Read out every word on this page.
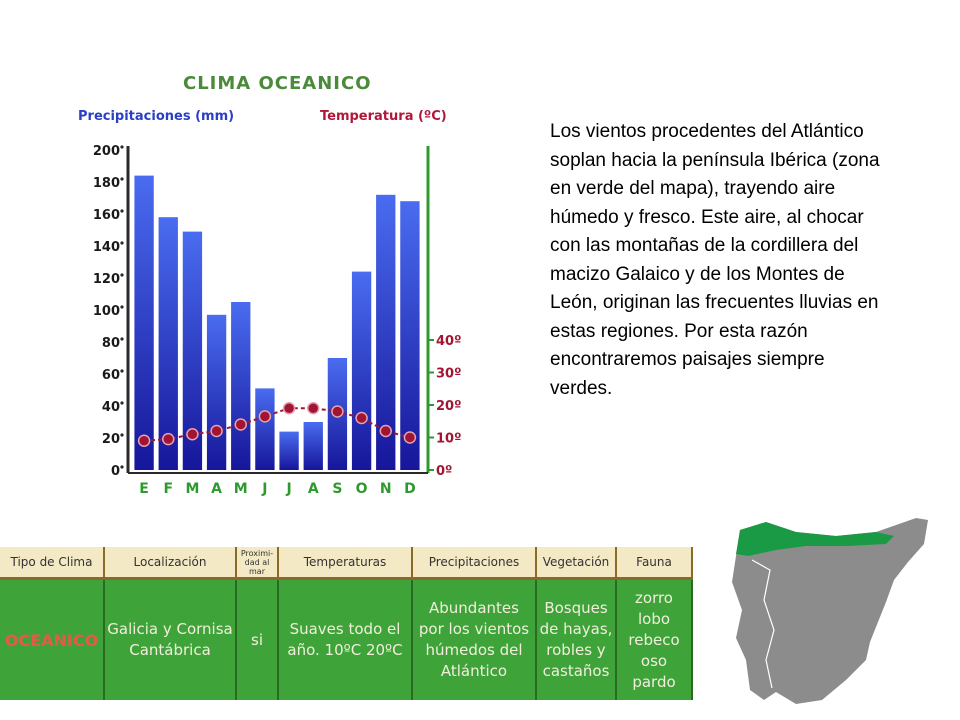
CLIMA OCEANICO
Precipitaciones (mm)	Temperatura (ºC)
0
20
40
60
80
100
120
140
160
180
200
0º
10º
20º
30º
40º
E F M A M J J A S O N D

Los vientos procedentes del Atlántico soplan hacia la península Ibérica (zona en verde del mapa), trayendo aire húmedo y fresco. Este aire, al chocar con las montañas de la cordillera del macizo Galaico y de los Montes de León, originan las frecuentes lluvias en estas regiones. Por esta razón encontraremos paisajes siempre verdes.

Tipo de Clima	Localización	Proximi-dad al mar	Temperaturas	Precipitaciones	Vegetación	Fauna
OCEANICO	Galicia y Cornisa Cantábrica	si	Suaves todo el año. 10ºC 20ºC	Abundantes por los vientos húmedos del Atlántico	Bosques de hayas, robles y castaños	zorro lobo rebeco oso pardo
